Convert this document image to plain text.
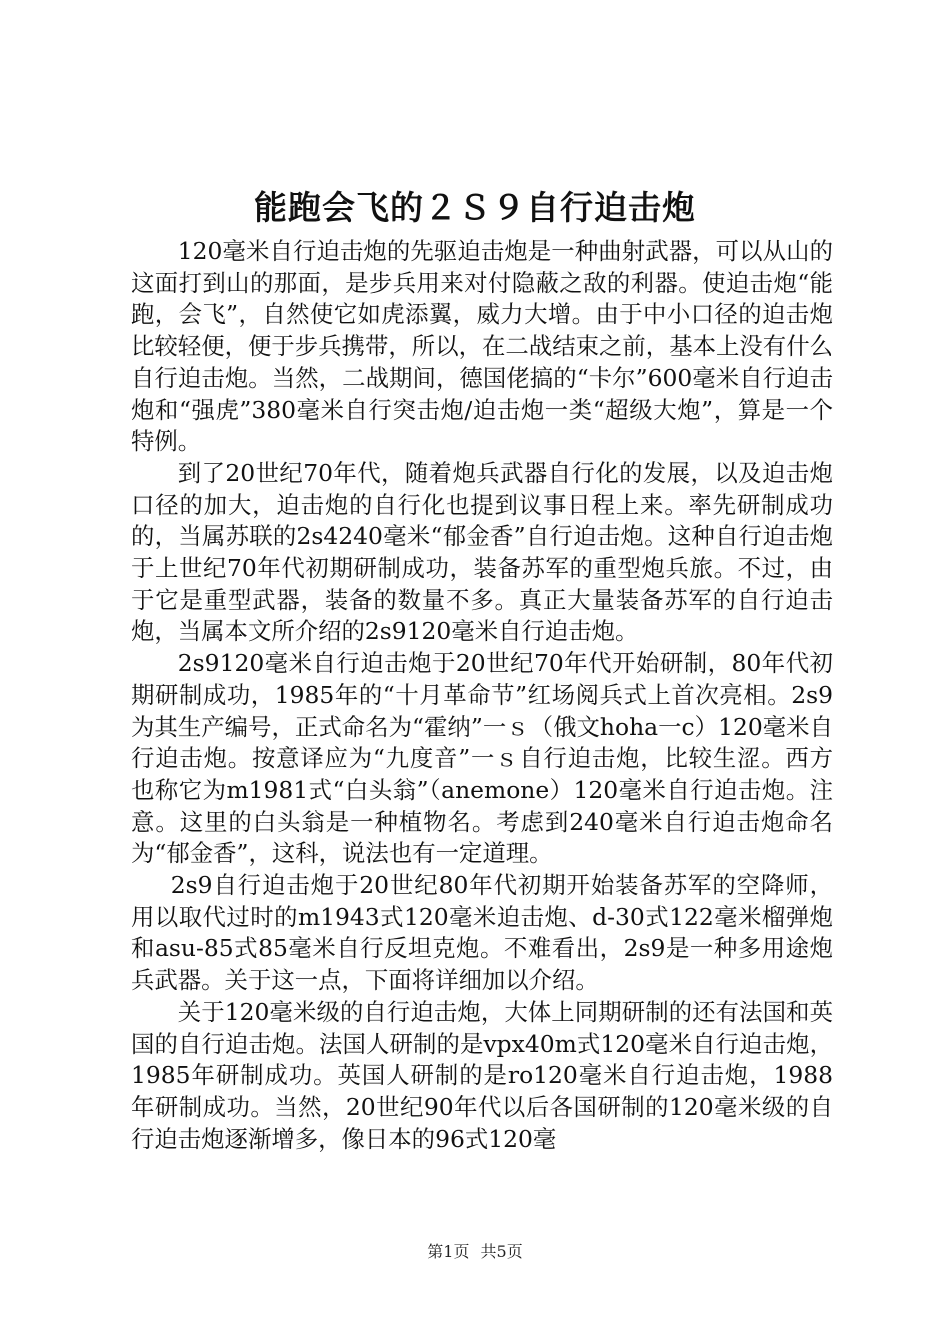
能跑会飞的２Ｓ９自行迫击炮

120毫米自行迫击炮的先驱迫击炮是一种曲射武器，可以从山的这面打到山的那面，是步兵用来对付隐蔽之敌的利器。使迫击炮“能跑，会飞”，自然使它如虎添翼，威力大增。由于中小口径的迫击炮比较轻便，便于步兵携带，所以，在二战结束之前，基本上没有什么自行迫击炮。当然，二战期间，德国佬搞的“卡尔”600毫米自行迫击炮和“强虎”380毫米自行突击炮/迫击炮一类“超级大炮”，算是一个特例。

到了20世纪70年代，随着炮兵武器自行化的发展，以及迫击炮口径的加大，迫击炮的自行化也提到议事日程上来。率先研制成功的，当属苏联的2s4240毫米“郁金香”自行迫击炮。这种自行迫击炮于上世纪70年代初期研制成功，装备苏军的重型炮兵旅。不过，由于它是重型武器，装备的数量不多。真正大量装备苏军的自行迫击炮，当属本文所介绍的2s9120毫米自行迫击炮。

2s9120毫米自行迫击炮于20世纪70年代开始研制，80年代初期研制成功，1985年的“十月革命节”红场阅兵式上首次亮相。2s9为其生产编号，正式命名为“霍纳”一ｓ（俄文hoha一c）120毫米自行迫击炮。按意译应为“九度音”一ｓ自行迫击炮，比较生涩。西方也称它为m1981式“白头翁”（anemone）120毫米自行迫击炮。注意。这里的白头翁是一种植物名。考虑到240毫米自行迫击炮命名为“郁金香”，这科，说法也有一定道理。

2s9自行迫击炮于20世纪80年代初期开始装备苏军的空降师，用以取代过时的m1943式120毫米迫击炮、d-30式122毫米榴弹炮和asu-85式85毫米自行反坦克炮。不难看出，2s9是一种多用途炮兵武器。关于这一点，下面将详细加以介绍。

关于120毫米级的自行迫击炮，大体上同期研制的还有法国和英国的自行迫击炮。法国人研制的是vpx40m式120毫米自行迫击炮，1985年研制成功。英国人研制的是ro120毫米自行迫击炮，1988年研制成功。当然，20世纪90年代以后各国研制的120毫米级的自行迫击炮逐渐增多，像日本的96式120毫

第1页 共5页
